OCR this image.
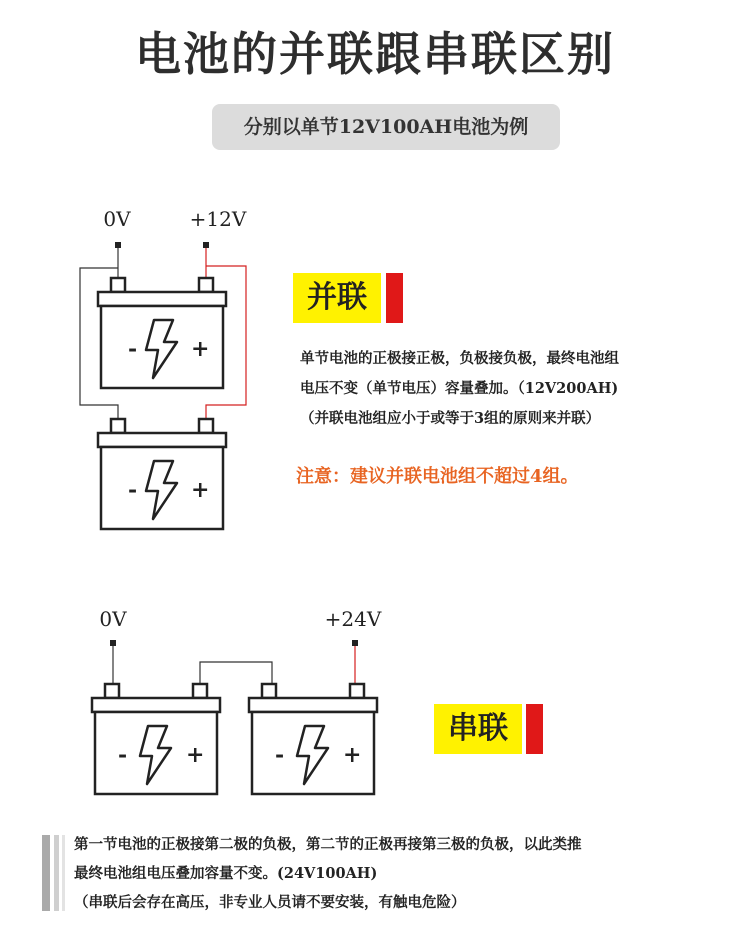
电池的并联跟串联区别
分别以单节12V100AH电池为例
0V	+12V
0V	+24V
- +
- +
-	+	-	+
并联
单节电池的正极接正极，负极接负极，最终电池组
电压不变（单节电压）容量叠加。（12V200AH)
（并联电池组应小于或等于3组的原则来并联）
注意：建议并联电池组不超过4组。
串联
第一节电池的正极接第二极的负极，第二节的正极再接第三极的负极，以此类推
最终电池组电压叠加容量不变。(24V100AH)
（串联后会存在高压，非专业人员请不要安装，有触电危险）
